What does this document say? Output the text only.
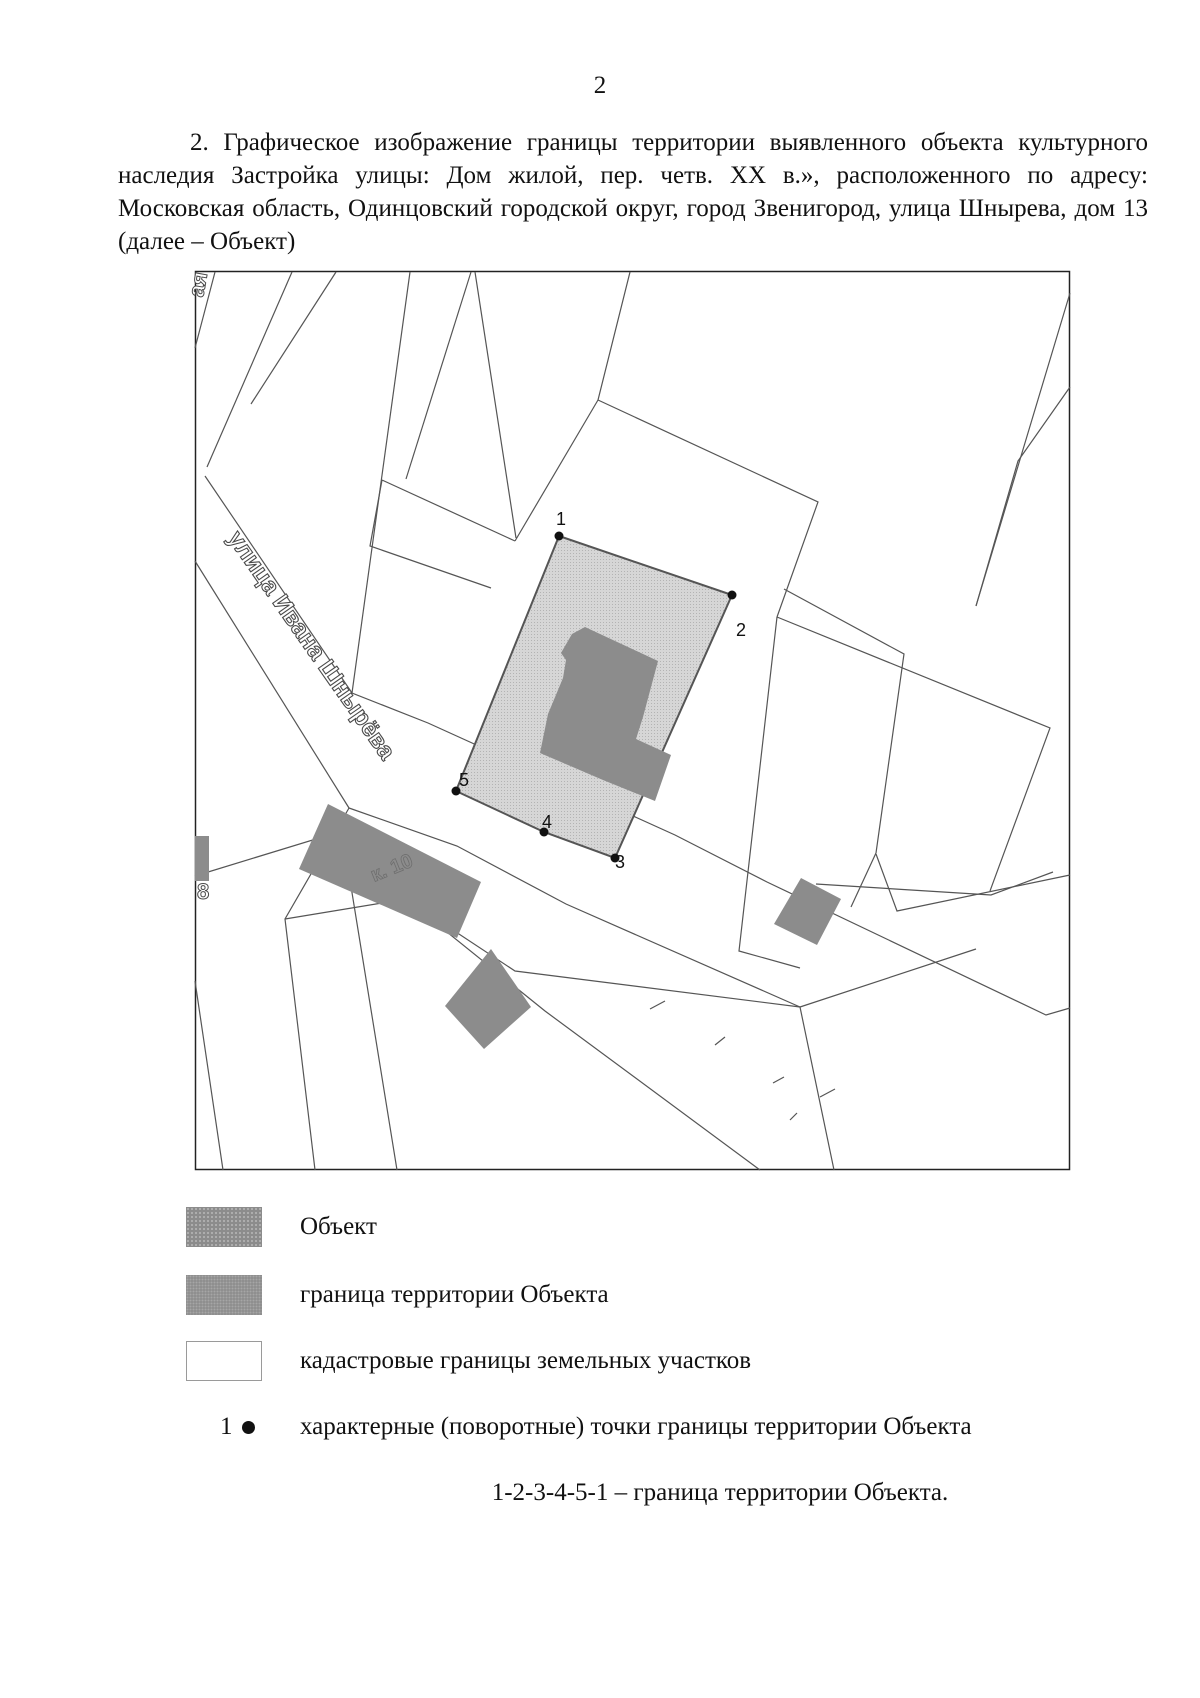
2
2. Графическое изображение границы территории выявленного объекта культурного наследия Застройка улицы: Дом жилой, пер. четв. XX в.», расположенного по адресу: Московская область, Одинцовский городской округ, город Звенигород, улица Шнырева, дом 13 (далее – Объект)
1
2
3
4
5
улица Ивана Шнырёва
ая
8
к. 10
Объект
граница территории Объекта
кадастровые границы земельных участков
1	характерные (поворотные) точки границы территории Объекта
1-2-3-4-5-1 – граница территории Объекта.
